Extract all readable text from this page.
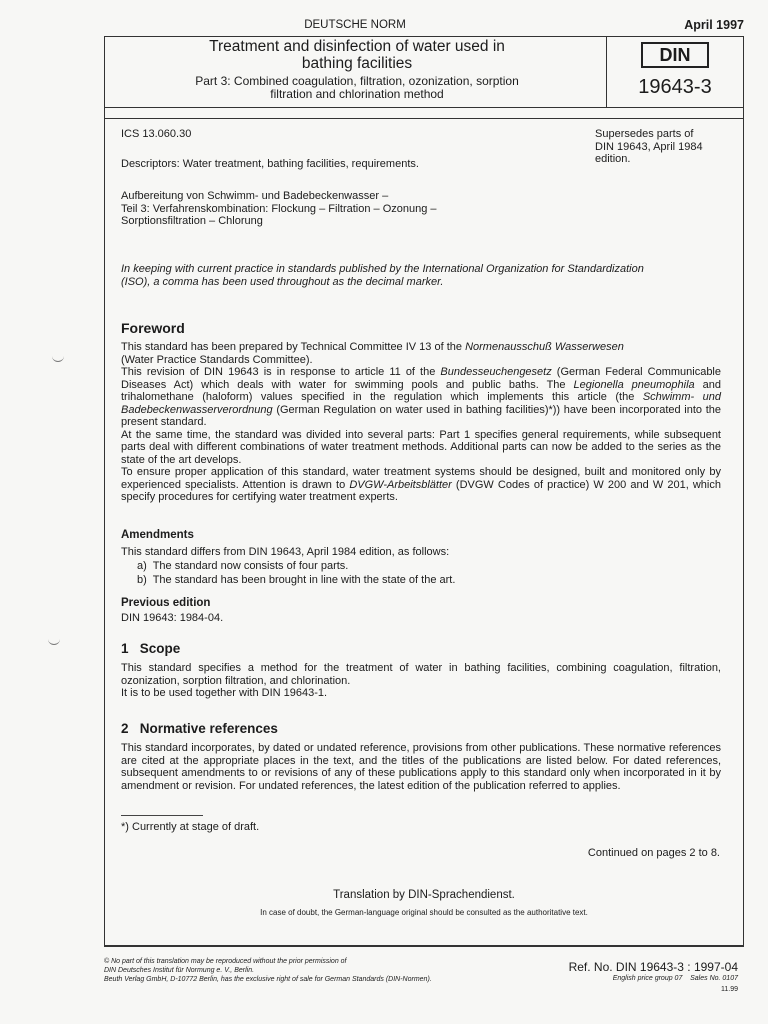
DEUTSCHE NORM	April 1997
Treatment and disinfection of water used in
bathing facilities
Part 3: Combined coagulation, filtration, ozonization, sorption
filtration and chlorination method
DIN
19643-3
ICS 13.060.30
Descriptors: Water treatment, bathing facilities, requirements.
Supersedes parts of
DIN 19643, April 1984
edition.
Aufbereitung von Schwimm- und Badebeckenwasser –
Teil 3: Verfahrenskombination: Flockung – Filtration – Ozonung –
Sorptionsfiltration – Chlorung
In keeping with current practice in standards published by the International Organization for Standardization
(ISO), a comma has been used throughout as the decimal marker.
Foreword
This standard has been prepared by Technical Committee IV 13 of the Normenausschuß Wasserwesen
(Water Practice Standards Committee).
This revision of DIN 19643 is in response to article 11 of the Bundesseuchengesetz (German Federal Communicable Diseases Act) which deals with water for swimming pools and public baths. The Legionella pneumophila and trihalomethane (haloform) values specified in the regulation which implements this article (the Schwimm- und Badebeckenwasserverordnung (German Regulation on water used in bathing facilities)*)) have been incorporated into the present standard.
At the same time, the standard was divided into several parts: Part 1 specifies general requirements, while subsequent parts deal with different combinations of water treatment methods. Additional parts can now be added to the series as the state of the art develops.
To ensure proper application of this standard, water treatment systems should be designed, built and monitored only by experienced specialists. Attention is drawn to DVGW-Arbeitsblätter (DVGW Codes of practice) W 200 and W 201, which specify procedures for certifying water treatment experts.
Amendments
This standard differs from DIN 19643, April 1984 edition, as follows:
a) The standard now consists of four parts.
b) The standard has been brought in line with the state of the art.
Previous edition
DIN 19643: 1984-04.
1 Scope
This standard specifies a method for the treatment of water in bathing facilities, combining coagulation, filtration, ozonization, sorption filtration, and chlorination.
It is to be used together with DIN 19643-1.
2 Normative references
This standard incorporates, by dated or undated reference, provisions from other publications. These normative references are cited at the appropriate places in the text, and the titles of the publications are listed below. For dated references, subsequent amendments to or revisions of any of these publications apply to this standard only when incorporated in it by amendment or revision. For undated references, the latest edition of the publication referred to applies.
*) Currently at stage of draft.
Continued on pages 2 to 8.
Translation by DIN-Sprachendienst.
In case of doubt, the German-language original should be consulted as the authoritative text.
© No part of this translation may be reproduced without the prior permission of
DIN Deutsches Institut für Normung e. V., Berlin.
Beuth Verlag GmbH, D-10772 Berlin, has the exclusive right of sale for German Standards (DIN-Normen).
Ref. No. DIN 19643-3 : 1997-04
English price group 07 Sales No. 0107
11.99
